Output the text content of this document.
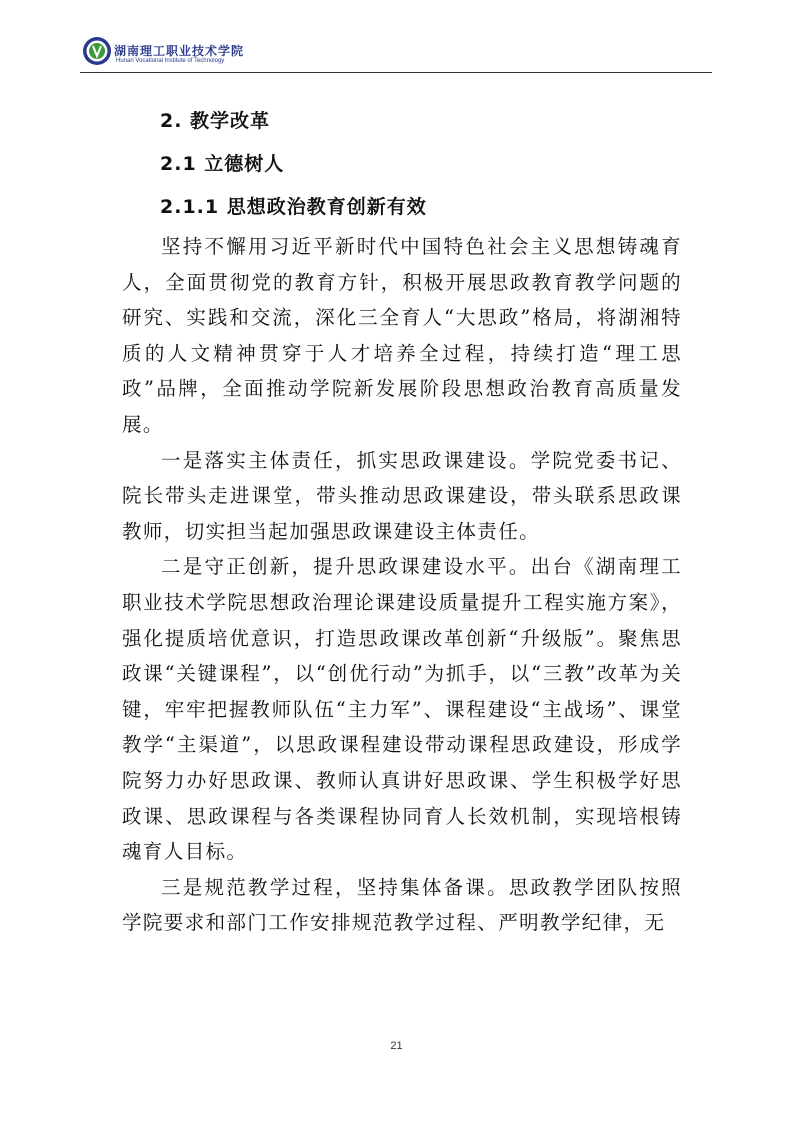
湖南理工职业技术学院
Hunan Vocational Institute of Technology
2. 教学改革
2.1 立德树人
2.1.1 思想政治教育创新有效

坚持不懈用习近平新时代中国特色社会主义思想铸魂育人，全面贯彻党的教育方针，积极开展思政教育教学问题的研究、实践和交流，深化三全育人“大思政”格局，将湖湘特质的人文精神贯穿于人才培养全过程，持续打造“理工思政”品牌，全面推动学院新发展阶段思想政治教育高质量发展。

一是落实主体责任，抓实思政课建设。学院党委书记、院长带头走进课堂，带头推动思政课建设，带头联系思政课教师，切实担当起加强思政课建设主体责任。

二是守正创新，提升思政课建设水平。出台《湖南理工职业技术学院思想政治理论课建设质量提升工程实施方案》，强化提质培优意识，打造思政课改革创新“升级版”。聚焦思政课“关键课程”，以“创优行动”为抓手，以“三教”改革为关键，牢牢把握教师队伍“主力军”、课程建设“主战场”、课堂教学“主渠道”，以思政课程建设带动课程思政建设，形成学院努力办好思政课、教师认真讲好思政课、学生积极学好思政课、思政课程与各类课程协同育人长效机制，实现培根铸魂育人目标。

三是规范教学过程，坚持集体备课。思政教学团队按照学院要求和部门工作安排规范教学过程、严明教学纪律，无

21
